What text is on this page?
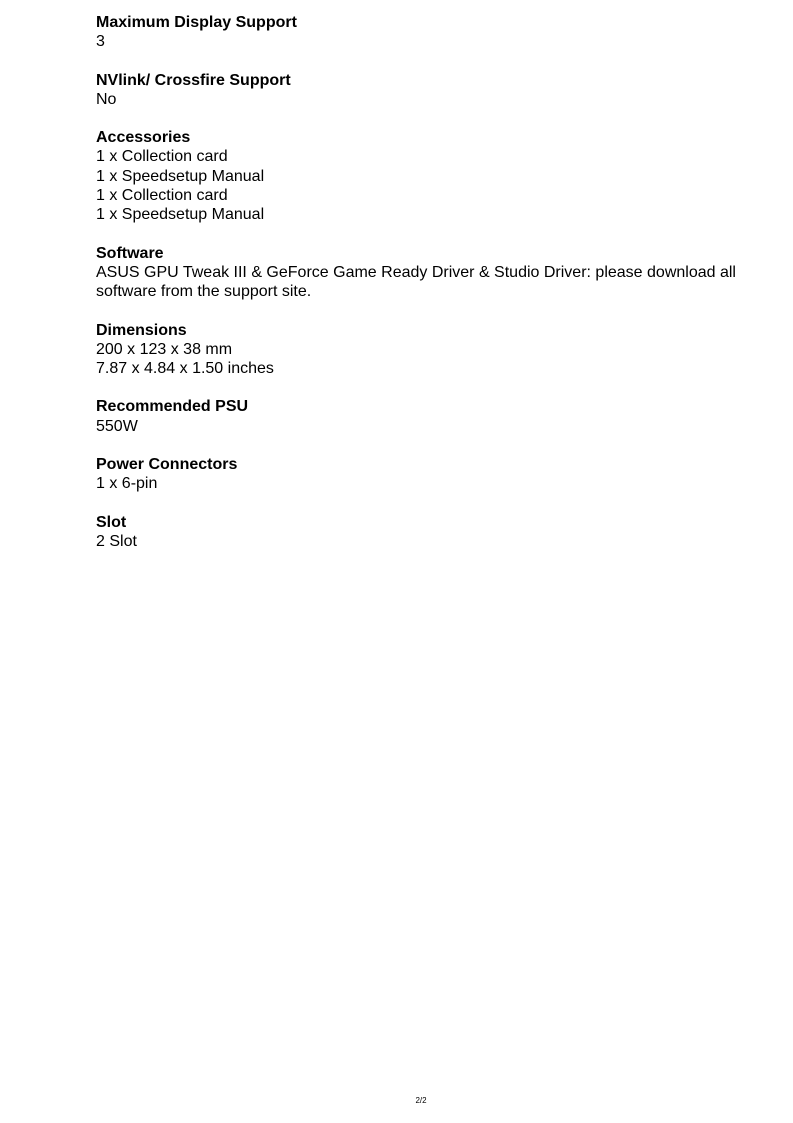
Maximum Display Support
3
NVlink/ Crossfire Support
No
Accessories
1 x Collection card
1 x Speedsetup Manual
1 x Collection card
1 x Speedsetup Manual
Software
ASUS GPU Tweak III & GeForce Game Ready Driver & Studio Driver: please download all
software from the support site.
Dimensions
200 x 123 x 38 mm
7.87 x 4.84 x 1.50 inches
Recommended PSU
550W
Power Connectors
1 x 6-pin
Slot
2 Slot
2/2
